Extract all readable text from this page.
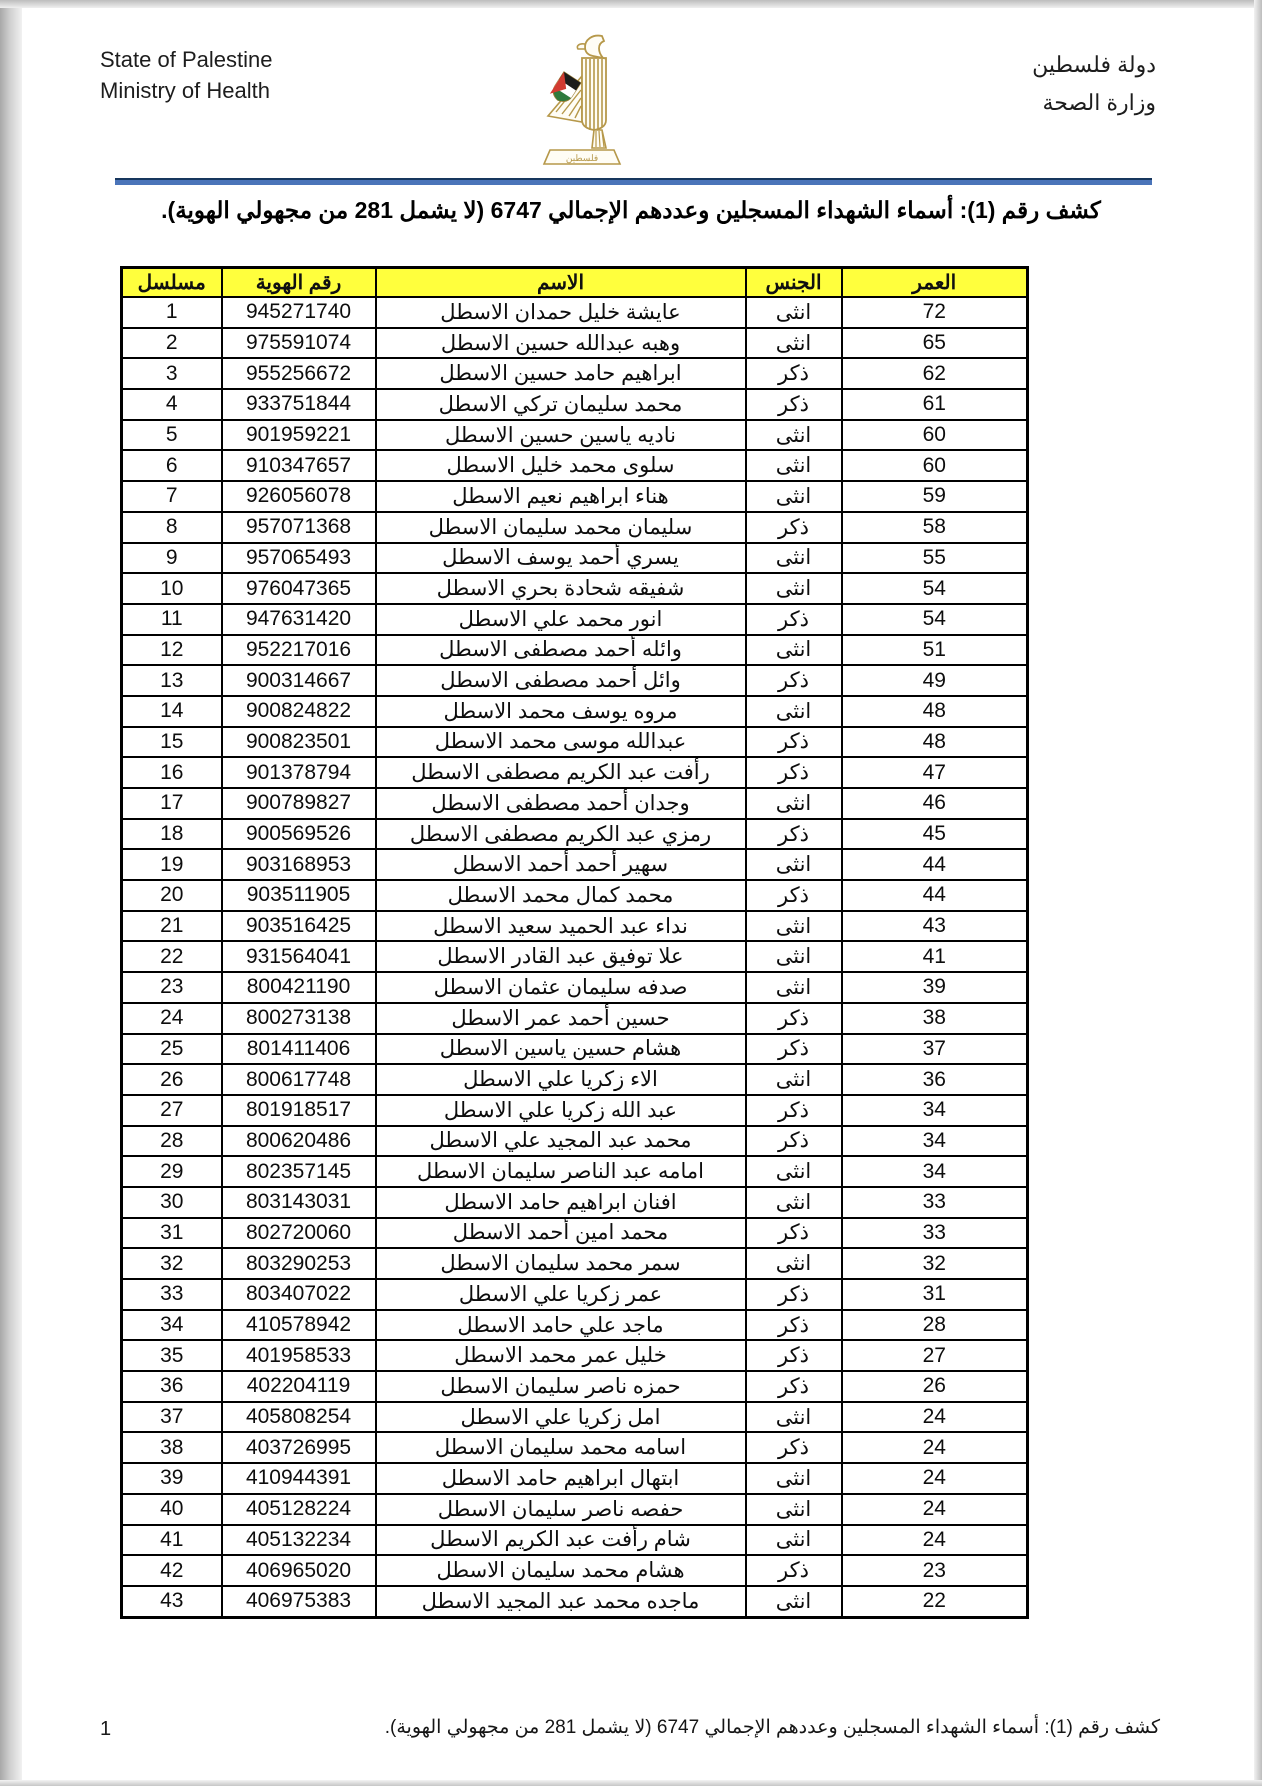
State of Palestine
Ministry of Health
دولة فلسطين
وزارة الصحة
فلسطين
كشف رقم (1): أسماء الشهداء المسجلين وعددهم الإجمالي 6747 (لا يشمل 281 من مجهولي الهوية).
مسلسل	رقم الهوية	الاسم	الجنس	العمر
1	945271740	عايشة خليل حمدان الاسطل	انثى	72
2	975591074	وهبه عبدالله حسين الاسطل	انثى	65
3	955256672	ابراهيم حامد حسين الاسطل	ذكر	62
4	933751844	محمد سليمان تركي الاسطل	ذكر	61
5	901959221	ناديه ياسين حسين الاسطل	انثى	60
6	910347657	سلوى محمد خليل الاسطل	انثى	60
7	926056078	هناء ابراهيم نعيم الاسطل	انثى	59
8	957071368	سليمان محمد سليمان الاسطل	ذكر	58
9	957065493	يسري أحمد يوسف الاسطل	انثى	55
10	976047365	شفيقه شحادة بحري الاسطل	انثى	54
11	947631420	انور محمد علي الاسطل	ذكر	54
12	952217016	وائله أحمد مصطفى الاسطل	انثى	51
13	900314667	وائل أحمد مصطفى الاسطل	ذكر	49
14	900824822	مروه يوسف محمد الاسطل	انثى	48
15	900823501	عبدالله موسى محمد الاسطل	ذكر	48
16	901378794	رأفت عبد الكريم مصطفى الاسطل	ذكر	47
17	900789827	وجدان أحمد مصطفى الاسطل	انثى	46
18	900569526	رمزي عبد الكريم مصطفى الاسطل	ذكر	45
19	903168953	سهير أحمد أحمد الاسطل	انثى	44
20	903511905	محمد كمال محمد الاسطل	ذكر	44
21	903516425	نداء عبد الحميد سعيد الاسطل	انثى	43
22	931564041	علا توفيق عبد القادر الاسطل	انثى	41
23	800421190	صدفه سليمان عثمان الاسطل	انثى	39
24	800273138	حسين أحمد عمر الاسطل	ذكر	38
25	801411406	هشام حسين ياسين الاسطل	ذكر	37
26	800617748	الاء زكريا علي الاسطل	انثى	36
27	801918517	عبد الله زكريا علي الاسطل	ذكر	34
28	800620486	محمد عبد المجيد علي الاسطل	ذكر	34
29	802357145	امامه عبد الناصر سليمان الاسطل	انثى	34
30	803143031	افنان ابراهيم حامد الاسطل	انثى	33
31	802720060	محمد امين أحمد الاسطل	ذكر	33
32	803290253	سمر محمد سليمان الاسطل	انثى	32
33	803407022	عمر زكريا علي الاسطل	ذكر	31
34	410578942	ماجد علي حامد الاسطل	ذكر	28
35	401958533	خليل عمر محمد الاسطل	ذكر	27
36	402204119	حمزه ناصر سليمان الاسطل	ذكر	26
37	405808254	امل زكريا علي الاسطل	انثى	24
38	403726995	اسامه محمد سليمان الاسطل	ذكر	24
39	410944391	ابتهال ابراهيم حامد الاسطل	انثى	24
40	405128224	حفصه ناصر سليمان الاسطل	انثى	24
41	405132234	شام رأفت عبد الكريم الاسطل	انثى	24
42	406965020	هشام محمد سليمان الاسطل	ذكر	23
43	406975383	ماجده محمد عبد المجيد الاسطل	انثى	22
1	كشف رقم (1): أسماء الشهداء المسجلين وعددهم الإجمالي 6747 (لا يشمل 281 من مجهولي الهوية).
